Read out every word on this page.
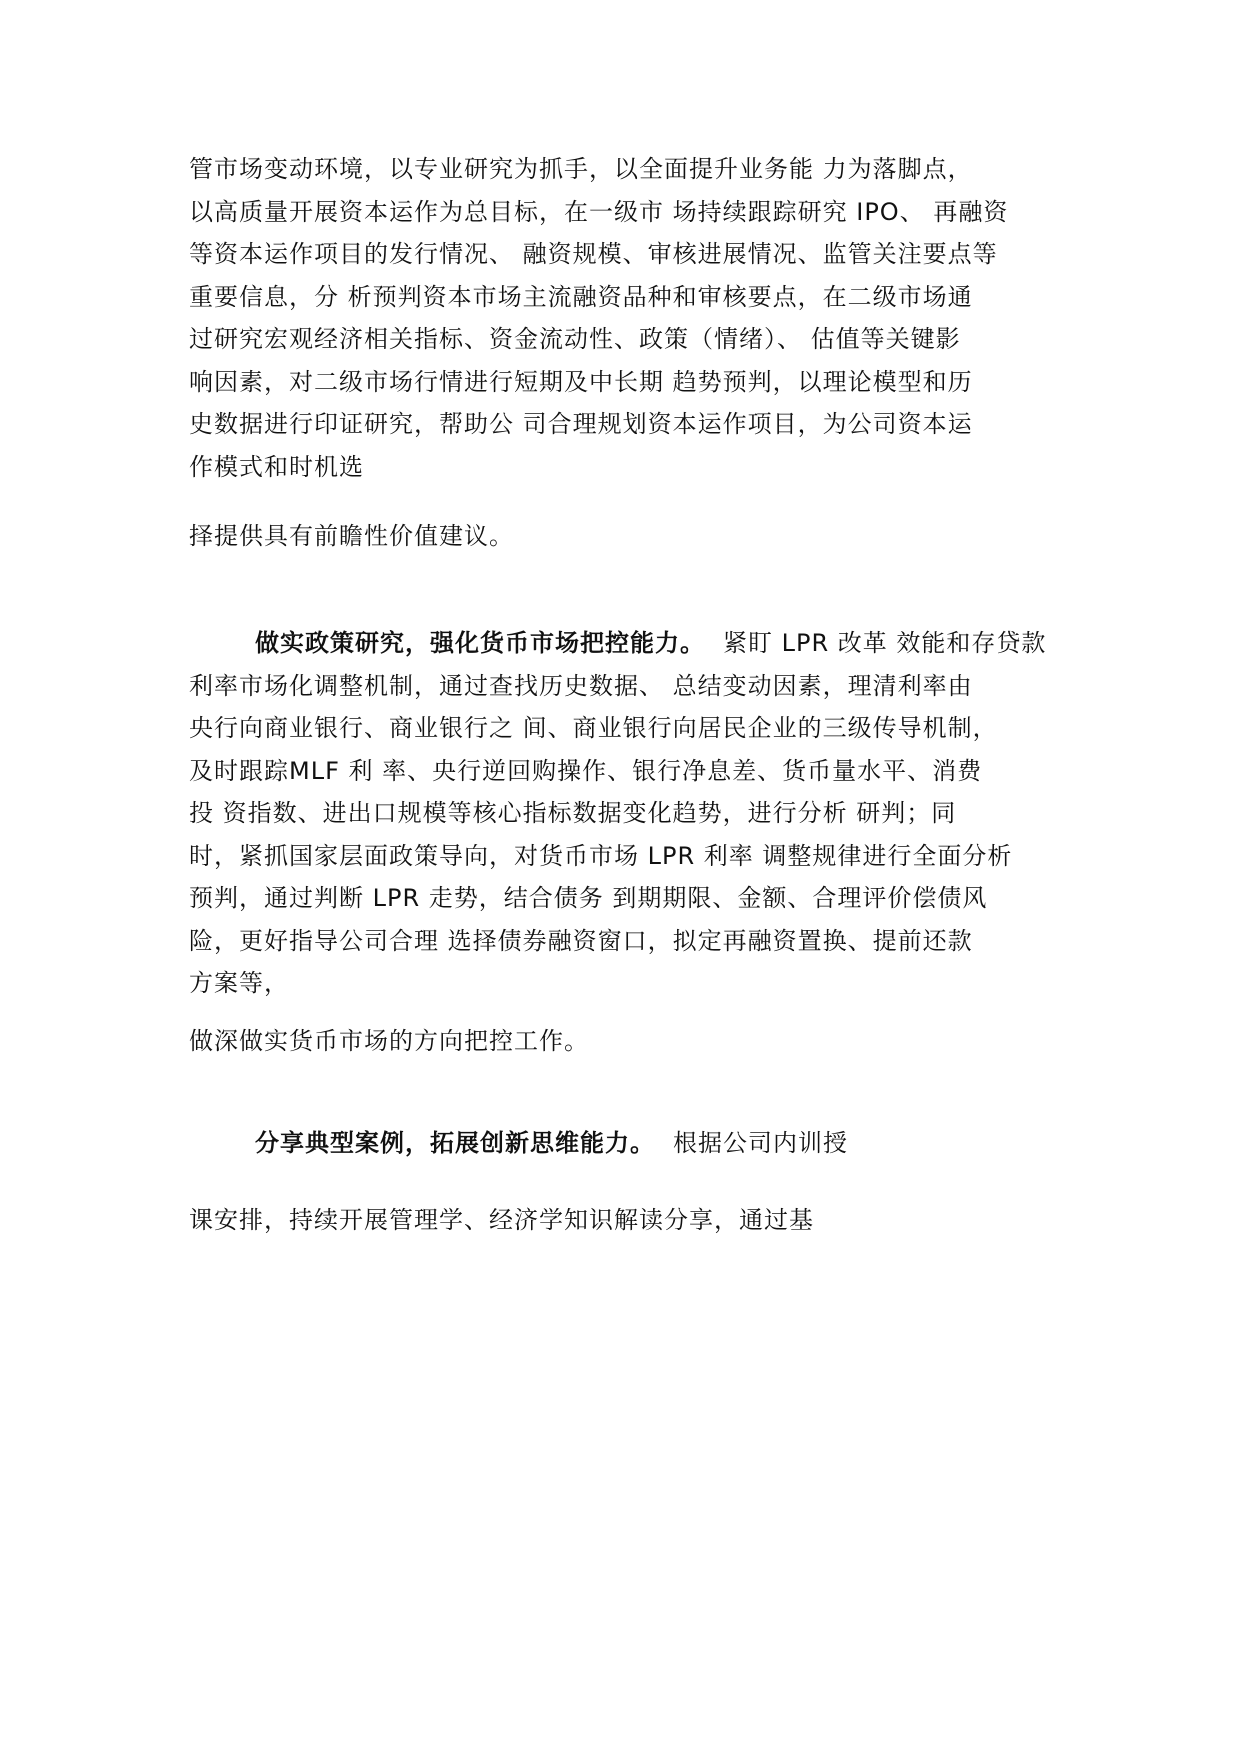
管市场变动环境，以专业研究为抓手，以全面提升业务能 力为落脚点，
以高质量开展资本运作为总目标，在一级市 场持续跟踪研究 IPO、 再融资
等资本运作项目的发行情况、 融资规模、审核进展情况、监管关注要点等
重要信息，分 析预判资本市场主流融资品种和审核要点，在二级市场通
过研究宏观经济相关指标、资金流动性、政策（情绪）、 估值等关键影
响因素，对二级市场行情进行短期及中长期 趋势预判，以理论模型和历
史数据进行印证研究，帮助公 司合理规划资本运作项目，为公司资本运
作模式和时机选

择提供具有前瞻性价值建议。

做实政策研究，强化货币市场把控能力。 紧盯 LPR 改革 效能和存贷款
利率市场化调整机制，通过查找历史数据、 总结变动因素，理清利率由
央行向商业银行、商业银行之 间、商业银行向居民企业的三级传导机制，
及时跟踪MLF 利 率、央行逆回购操作、银行净息差、货币量水平、消费
投 资指数、进出口规模等核心指标数据变化趋势，进行分析 研判；同
时，紧抓国家层面政策导向，对货币市场 LPR 利率 调整规律进行全面分析
预判，通过判断 LPR 走势，结合债务 到期期限、金额、合理评价偿债风
险，更好指导公司合理 选择债券融资窗口，拟定再融资置换、提前还款
方案等，

做深做实货币市场的方向把控工作。

分享典型案例，拓展创新思维能力。 根据公司内训授

课安排，持续开展管理学、经济学知识解读分享，通过基
